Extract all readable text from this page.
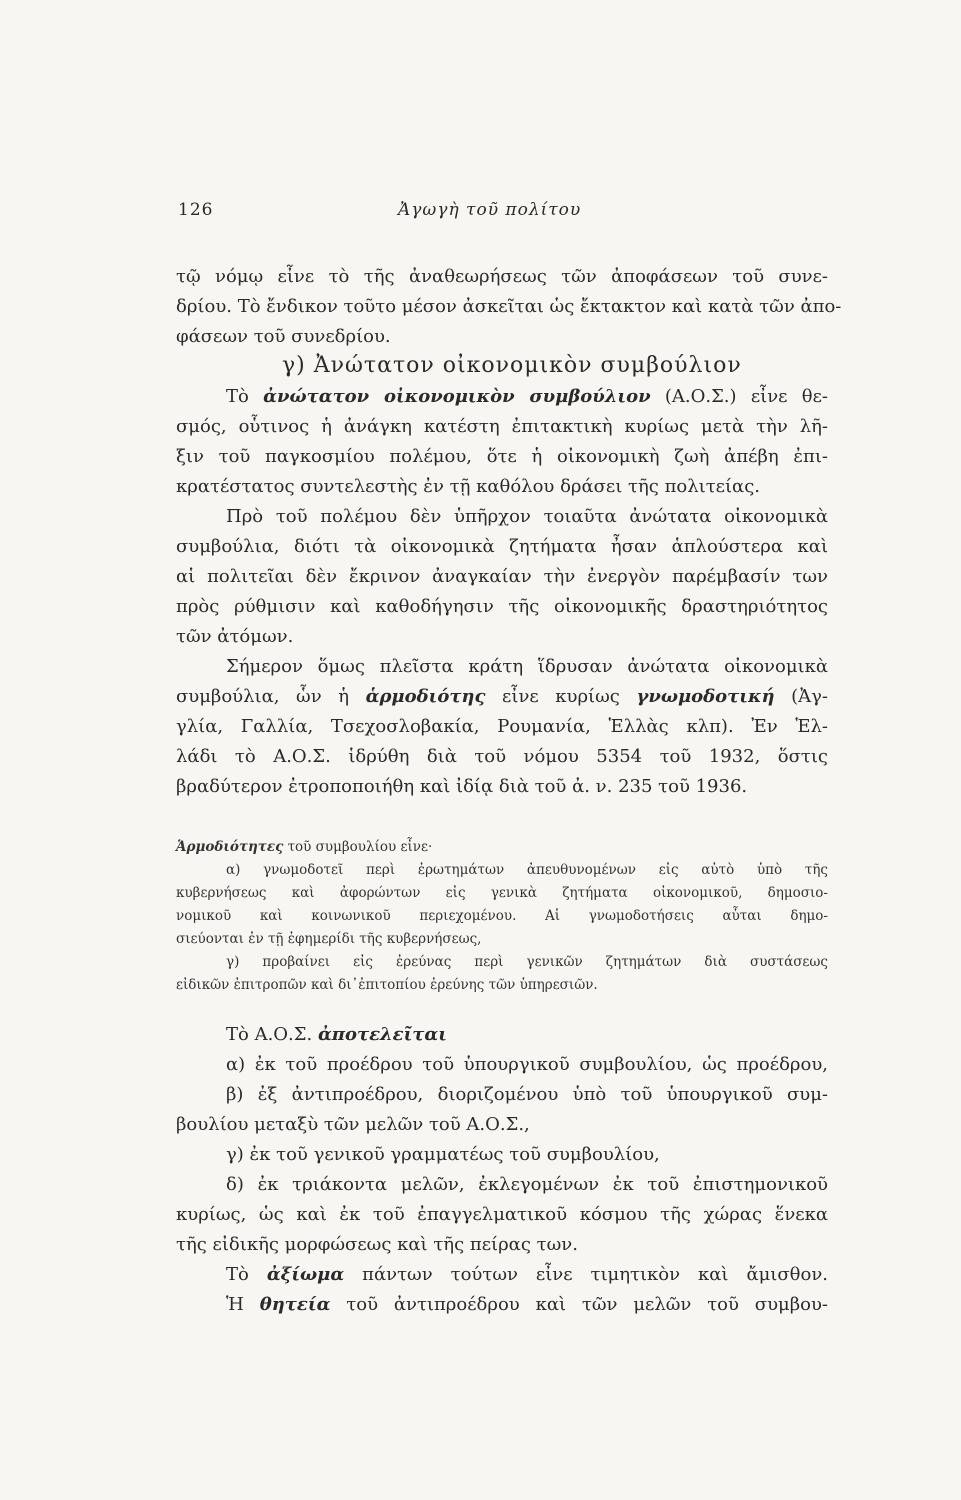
126	Ἀγωγὴ τοῦ πολίτου
τῷ νόμῳ εἶνε τὸ τῆς ἀναθεωρήσεως τῶν ἀποφάσεων τοῦ συνε-
δρίου. Τὸ ἔνδικον τοῦτο μέσον ἀσκεῖται ὡς ἔκτακτον καὶ κατὰ τῶν ἀπο-
φάσεων τοῦ συνεδρίου.
γ) Ἀνώτατον οἰκονομικὸν συμβούλιον
Τὸ ἀνώτατον οἰκονομικὸν συμβούλιον (Α.Ο.Σ.) εἶνε θε-
σμός, οὗτινος ἡ ἀνάγκη κατέστη ἐπιτακτικὴ κυρίως μετὰ τὴν λῆ-
ξιν τοῦ παγκοσμίου πολέμου, ὅτε ἡ οἰκονομικὴ ζωὴ ἀπέβη ἐπι-
κρατέστατος συντελεστὴς ἐν τῇ καθόλου δράσει τῆς πολιτείας.
Πρὸ τοῦ πολέμου δὲν ὑπῆρχον τοιαῦτα ἀνώτατα οἰκονομικὰ
συμβούλια, διότι τὰ οἰκονομικὰ ζητήματα ἦσαν ἁπλούστερα καὶ
αἱ πολιτεῖαι δὲν ἔκρινον ἀναγκαίαν τὴν ἐνεργὸν παρέμβασίν των
πρὸς ρύθμισιν καὶ καθοδήγησιν τῆς οἰκονομικῆς δραστηριότητος
τῶν ἀτόμων.
Σήμερον ὅμως πλεῖστα κράτη ἵδρυσαν ἀνώτατα οἰκονομικὰ
συμβούλια, ὧν ἡ ἁρμοδιότης εἶνε κυρίως γνωμοδοτική (Ἀγ-
γλία, Γαλλία, Τσεχοσλοβακία, Ρουμανία, Ἑλλὰς κλπ). Ἐν Ἑλ-
λάδι τὸ Α.Ο.Σ. ἱδρύθη διὰ τοῦ νόμου 5354 τοῦ 1932, ὅστις
βραδύτερον ἐτροποποιήθη καὶ ἰδίᾳ διὰ τοῦ ἀ. ν. 235 τοῦ 1936.
Ἁρμοδιότητες τοῦ συμβουλίου εἶνε·
α) γνωμοδοτεῖ περὶ ἐρωτημάτων ἀπευθυνομένων εἰς αὐτὸ ὑπὸ τῆς
κυβερνήσεως καὶ ἀφορώντων εἰς γενικὰ ζητήματα οἰκονομικοῦ, δημοσιο-
νομικοῦ καὶ κοινωνικοῦ περιεχομένου. Αἱ γνωμοδοτήσεις αὗται δημο-
σιεύονται ἐν τῇ ἐφημερίδι τῆς κυβερνήσεως,
γ) προβαίνει εἰς ἐρεύνας περὶ γενικῶν ζητημάτων διὰ συστάσεως
εἰδικῶν ἐπιτροπῶν καὶ δι᾽ἐπιτοπίου ἐρεύνης τῶν ὑπηρεσιῶν.
Τὸ Α.Ο.Σ. ἀποτελεῖται
α) ἐκ τοῦ προέδρου τοῦ ὑπουργικοῦ συμβουλίου, ὡς προέδρου,
β) ἐξ ἀντιπροέδρου, διοριζομένου ὑπὸ τοῦ ὑπουργικοῦ συμ-
βουλίου μεταξὺ τῶν μελῶν τοῦ Α.Ο.Σ.,
γ) ἐκ τοῦ γενικοῦ γραμματέως τοῦ συμβουλίου,
δ) ἐκ τριάκοντα μελῶν, ἐκλεγομένων ἐκ τοῦ ἐπιστημονικοῦ
κυρίως, ὡς καὶ ἐκ τοῦ ἐπαγγελματικοῦ κόσμου τῆς χώρας ἕνεκα
τῆς εἰδικῆς μορφώσεως καὶ τῆς πείρας των.
Τὸ ἀξίωμα πάντων τούτων εἶνε τιμητικὸν καὶ ἄμισθον.
Ἡ θητεία τοῦ ἀντιπροέδρου καὶ τῶν μελῶν τοῦ συμβου-
